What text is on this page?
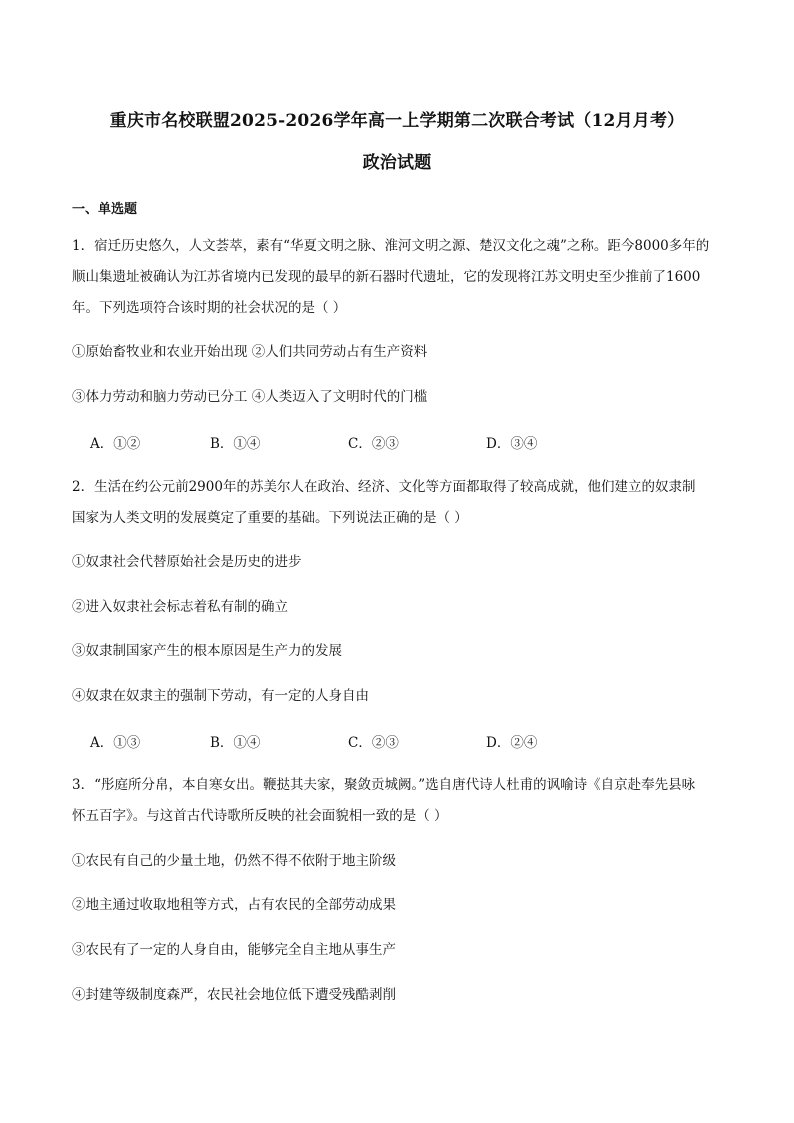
重庆市名校联盟2025-2026学年高一上学期第二次联合考试（12月月考）
政治试题
一、单选题
1．宿迁历史悠久，人文荟萃，素有“华夏文明之脉、淮河文明之源、楚汉文化之魂”之称。距今8000多年的
顺山集遗址被确认为江苏省境内已发现的最早的新石器时代遗址，它的发现将江苏文明史至少推前了1600
年。下列选项符合该时期的社会状况的是（ ）
①原始畜牧业和农业开始出现 ②人们共同劳动占有生产资料
③体力劳动和脑力劳动已分工 ④人类迈入了文明时代的门槛
A．①②	B．①④	C．②③	D．③④
2．生活在约公元前2900年的苏美尔人在政治、经济、文化等方面都取得了较高成就，他们建立的奴隶制
国家为人类文明的发展奠定了重要的基础。下列说法正确的是（ ）
①奴隶社会代替原始社会是历史的进步
②进入奴隶社会标志着私有制的确立
③奴隶制国家产生的根本原因是生产力的发展
④奴隶在奴隶主的强制下劳动，有一定的人身自由
A．①③	B．①④	C．②③	D．②④
3．“彤庭所分帛，本自寒女出。鞭挞其夫家，聚敛贡城阙。”选自唐代诗人杜甫的讽喻诗《自京赴奉先县咏
怀五百字》。与这首古代诗歌所反映的社会面貌相一致的是（ ）
①农民有自己的少量土地，仍然不得不依附于地主阶级
②地主通过收取地租等方式，占有农民的全部劳动成果
③农民有了一定的人身自由，能够完全自主地从事生产
④封建等级制度森严，农民社会地位低下遭受残酷剥削
